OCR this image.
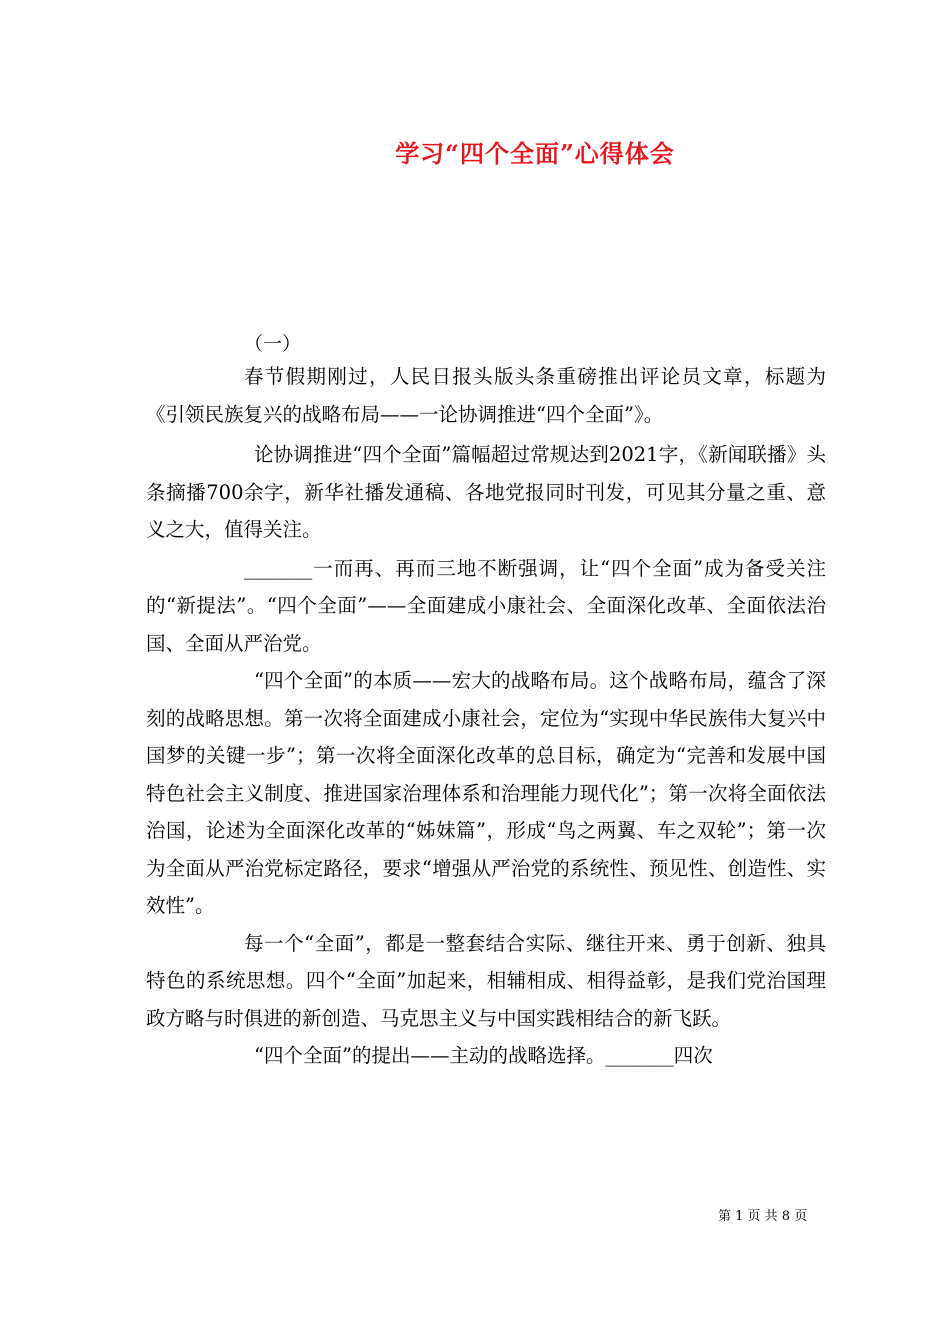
学习“四个全面”心得体会
（一）

春节假期刚过，人民日报头版头条重磅推出评论员文章，标题为《引领民族复兴的战略布局——一论协调推进“四个全面”》。

论协调推进“四个全面”篇幅超过常规达到2021字，《新闻联播》头条摘播700余字，新华社播发通稿、各地党报同时刊发，可见其分量之重、意义之大，值得关注。

_______一而再、再而三地不断强调，让“四个全面”成为备受关注的“新提法”。“四个全面”——全面建成小康社会、全面深化改革、全面依法治国、全面从严治党。

“四个全面”的本质——宏大的战略布局。这个战略布局，蕴含了深刻的战略思想。第一次将全面建成小康社会，定位为“实现中华民族伟大复兴中国梦的关键一步”；第一次将全面深化改革的总目标，确定为“完善和发展中国特色社会主义制度、推进国家治理体系和治理能力现代化”；第一次将全面依法治国，论述为全面深化改革的“姊妹篇”，形成“鸟之两翼、车之双轮”；第一次为全面从严治党标定路径，要求“增强从严治党的系统性、预见性、创造性、实效性”。

每一个“全面”，都是一整套结合实际、继往开来、勇于创新、独具特色的系统思想。四个“全面”加起来，相辅相成、相得益彰，是我们党治国理政方略与时俱进的新创造、马克思主义与中国实践相结合的新飞跃。

“四个全面”的提出——主动的战略选择。_______四次

第 1 页 共 8 页
